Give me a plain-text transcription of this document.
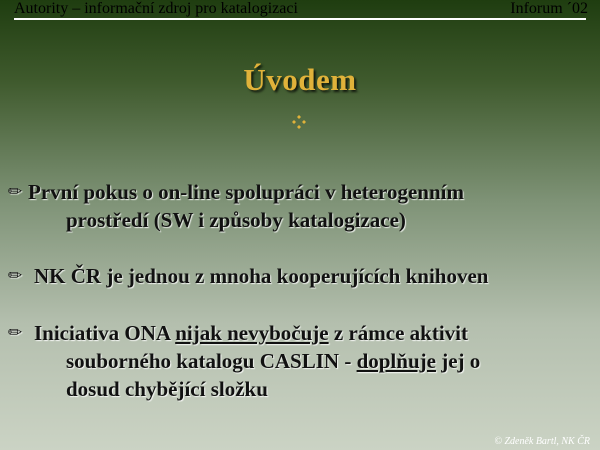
Autority – informační zdroj pro katalogizaci	Inforum ´02
Úvodem
✏ První pokus o on-line spolupráci v heterogenním
prostředí (SW i způsoby katalogizace)
✏ NK ČR je jednou z mnoha kooperujících knihoven
✏ Iniciativa ONA nijak nevybočuje z rámce aktivit
souborného katalogu CASLIN - doplňuje jej o
dosud chybějící složku
© Zdeněk Bartl, NK ČR
